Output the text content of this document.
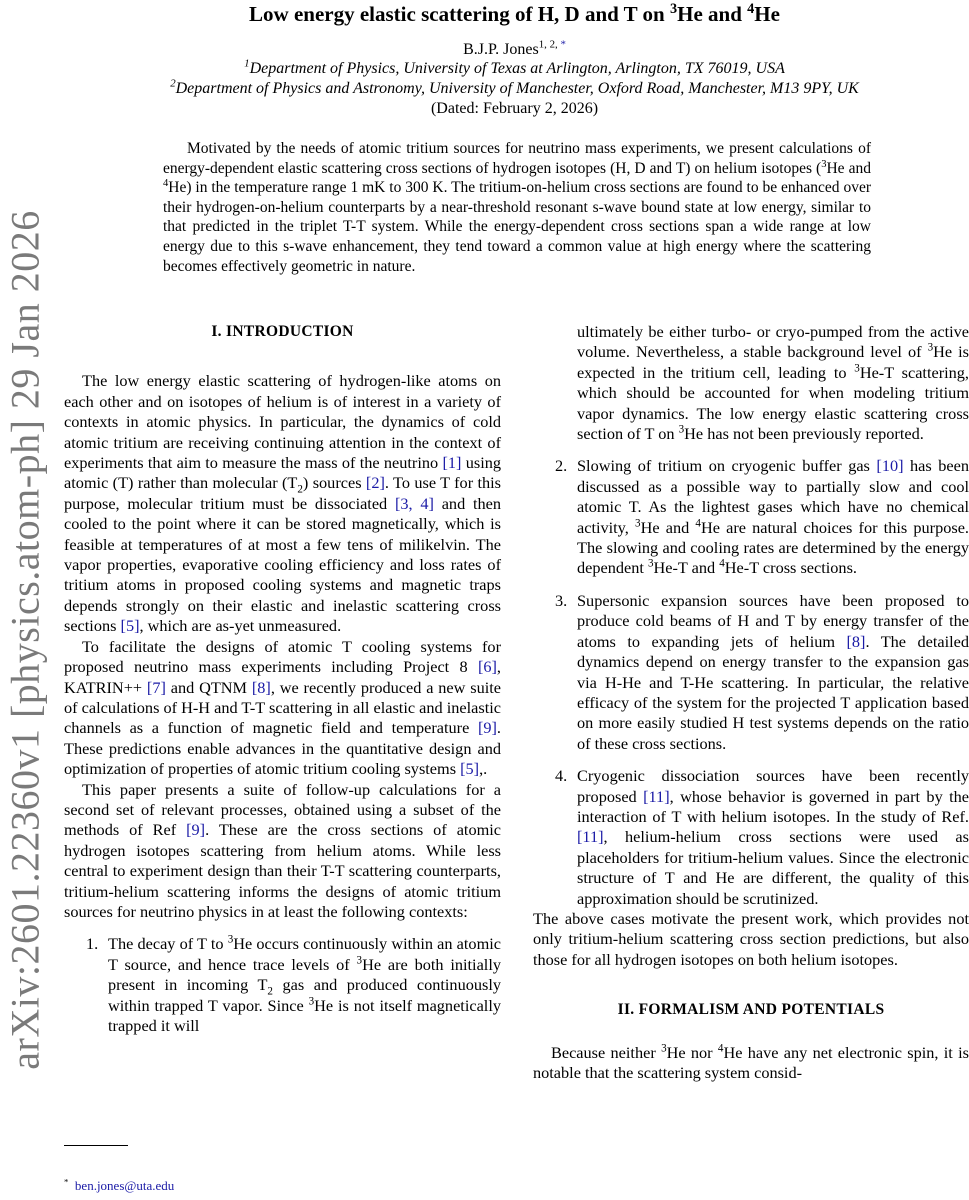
arXiv:2601.22360v1 [physics.atom-ph] 29 Jan 2026
Low energy elastic scattering of H, D and T on $^3$He and $^4$He
B.J.P. Jones$^{1, 2,}$ *
$^1$Department of Physics, University of Texas at Arlington, Arlington, TX 76019, USA
$^2$Department of Physics and Astronomy, University of Manchester, Oxford Road, Manchester, M13 9PY, UK
(Dated: February 2, 2026)
Motivated by the needs of atomic tritium sources for neutrino mass experiments, we present calculations of energy-dependent elastic scattering cross sections of hydrogen isotopes (H, D and T) on helium isotopes ($^3$He and $^4$He) in the temperature range 1 mK to 300 K. The tritium-on-helium cross sections are found to be enhanced over their hydrogen-on-helium counterparts by a near-threshold resonant s-wave bound state at low energy, similar to that predicted in the triplet T-T system. While the energy-dependent cross sections span a wide range at low energy due to this s-wave enhancement, they tend toward a common value at high energy where the scattering becomes effectively geometric in nature.
I. INTRODUCTION

The low energy elastic scattering of hydrogen-like atoms on each other and on isotopes of helium is of interest in a variety of contexts in atomic physics. In particular, the dynamics of cold atomic tritium are receiving continuing attention in the context of experiments that aim to measure the mass of the neutrino [1] using atomic (T) rather than molecular $(T_2)$ sources [2]. To use T for this purpose, molecular tritium must be dissociated [3, 4] and then cooled to the point where it can be stored magnetically, which is feasible at temperatures of at most a few tens of milikelvin. The vapor properties, evaporative cooling efficiency and loss rates of tritium atoms in proposed cooling systems and magnetic traps depends strongly on their elastic and inelastic scattering cross sections [5], which are as-yet unmeasured.

To facilitate the designs of atomic T cooling systems for proposed neutrino mass experiments including Project 8 [6], KATRIN++ [7] and QTNM [8], we recently produced a new suite of calculations of H-H and T-T scattering in all elastic and inelastic channels as a function of magnetic field and temperature [9]. These predictions enable advances in the quantitative design and optimization of properties of atomic tritium cooling systems [5],.

This paper presents a suite of follow-up calculations for a second set of relevant processes, obtained using a subset of the methods of Ref [9]. These are the cross sections of atomic hydrogen isotopes scattering from helium atoms. While less central to experiment design than their T-T scattering counterparts, tritium-helium scattering informs the designs of atomic tritium sources for neutrino physics in at least the following contexts:

1. The decay of T to $^3$He occurs continuously within an atomic T source, and hence trace levels of $^3$He are both initially present in incoming $T_2$ gas and produced continuously within trapped T vapor. Since $^3$He is not itself magnetically trapped it will
ultimately be either turbo- or cryo-pumped from the active volume. Nevertheless, a stable background level of $^3$He is expected in the tritium cell, leading to $^3$He-T scattering, which should be accounted for when modeling tritium vapor dynamics. The low energy elastic scattering cross section of T on $^3$He has not been previously reported.
2. Slowing of tritium on cryogenic buffer gas [10] has been discussed as a possible way to partially slow and cool atomic T. As the lightest gases which have no chemical activity, $^3$He and $^4$He are natural choices for this purpose. The slowing and cooling rates are determined by the energy dependent $^3$He-T and $^4$He-T cross sections.
3. Supersonic expansion sources have been proposed to produce cold beams of H and T by energy transfer of the atoms to expanding jets of helium [8]. The detailed dynamics depend on energy transfer to the expansion gas via H-He and T-He scattering. In particular, the relative efficacy of the system for the projected T application based on more easily studied H test systems depends on the ratio of these cross sections.
4. Cryogenic dissociation sources have been recently proposed [11], whose behavior is governed in part by the interaction of T with helium isotopes. In the study of Ref. [11], helium-helium cross sections were used as placeholders for tritium-helium values. Since the electronic structure of T and He are different, the quality of this approximation should be scrutinized.

The above cases motivate the present work, which provides not only tritium-helium scattering cross section predictions, but also those for all hydrogen isotopes on both helium isotopes.

II. FORMALISM AND POTENTIALS

Because neither $^3$He nor $^4$He have any net electronic spin, it is notable that the scattering system consid-

* ben.jones@uta.edu
